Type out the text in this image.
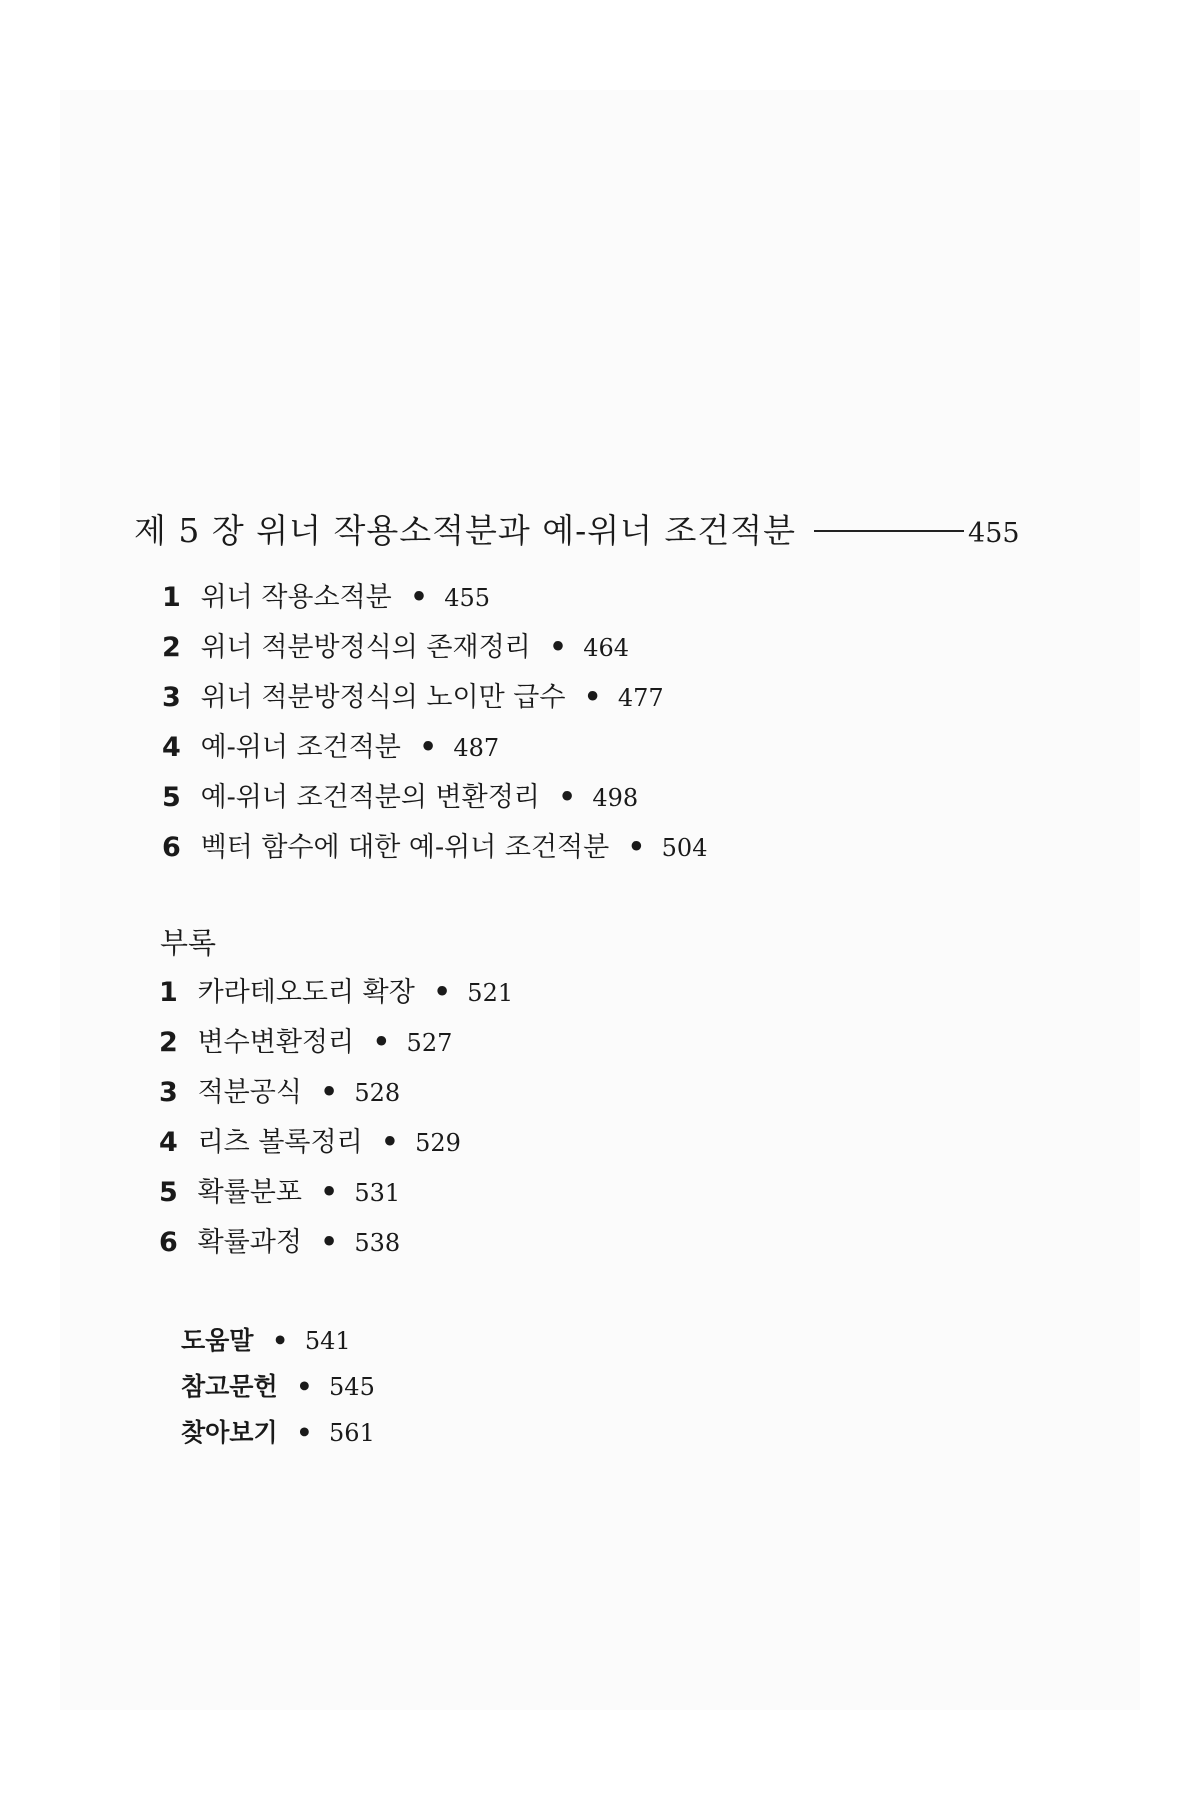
제 5 장 위너 작용소적분과 예-위너 조건적분	455
1 위너 작용소적분 • 455
2 위너 적분방정식의 존재정리 • 464
3 위너 적분방정식의 노이만 급수 • 477
4 예-위너 조건적분 • 487
5 예-위너 조건적분의 변환정리 • 498
6 벡터 함수에 대한 예-위너 조건적분 • 504
부록
1 카라테오도리 확장 • 521
2 변수변환정리 • 527
3 적분공식 • 528
4 리츠 볼록정리 • 529
5 확률분포 • 531
6 확률과정 • 538
도움말 • 541
참고문헌 • 545
찾아보기 • 561
